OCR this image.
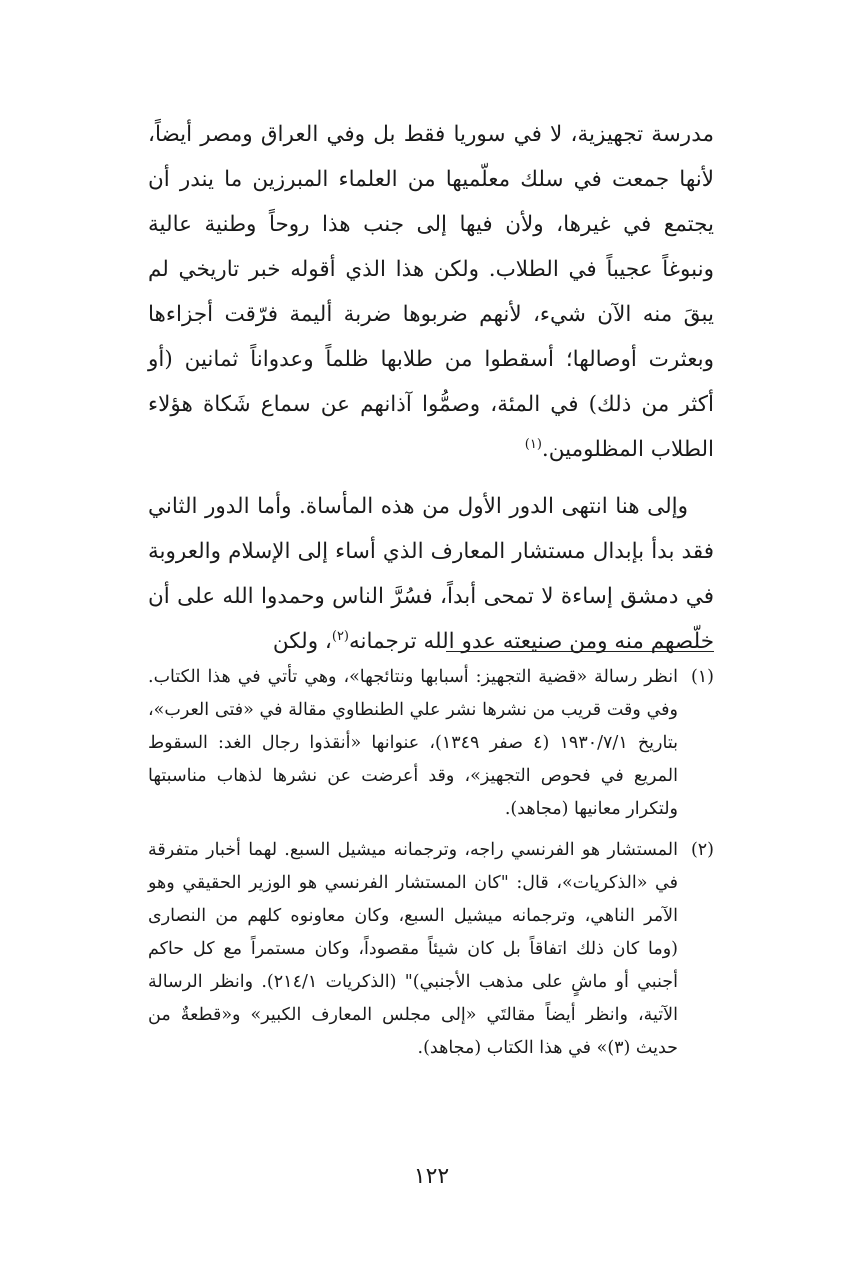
مدرسة تجهيزية، لا في سوريا فقط بل وفي العراق ومصر أيضاً، لأنها جمعت في سلك معلّميها من العلماء المبرزين ما يندر أن يجتمع في غيرها، ولأن فيها إلى جنب هذا روحاً وطنية عالية ونبوغاً عجيباً في الطلاب. ولكن هذا الذي أقوله خبر تاريخي لم يبقَ منه الآن شيء، لأنهم ضربوها ضربة أليمة فرّقت أجزاءها وبعثرت أوصالها؛ أسقطوا من طلابها ظلماً وعدواناً ثمانين (أو أكثر من ذلك) في المئة، وصمُّوا آذانهم عن سماع شَكاة هؤلاء الطلاب المظلومين.$^{(١)}$

وإلى هنا انتهى الدور الأول من هذه المأساة. وأما الدور الثاني فقد بدأ بإبدال مستشار المعارف الذي أساء إلى الإسلام والعروبة في دمشق إساءة لا تمحى أبداً، فسُرَّ الناس وحمدوا الله على أن خلّصهم منه ومن صنيعته عدو الله ترجمانه$^{(٢)}$، ولكن

(١)
انظر رسالة «قضية التجهيز: أسبابها ونتائجها»، وهي تأتي في هذا الكتاب. وفي وقت قريب من نشرها نشر علي الطنطاوي مقالة في «فتى العرب»، بتاريخ ١٩٣٠/٧/١ (٤ صفر ١٣٤٩)، عنوانها «أنقذوا رجال الغد: السقوط المريع في فحوص التجهيز»، وقد أعرضت عن نشرها لذهاب مناسبتها ولتكرار معانيها (مجاهد).

(٢)
المستشار هو الفرنسي راجه، وترجمانه ميشيل السبع. لهما أخبار متفرقة في «الذكريات»، قال: "كان المستشار الفرنسي هو الوزير الحقيقي وهو الآمر الناهي، وترجمانه ميشيل السبع، وكان معاونوه كلهم من النصارى (وما كان ذلك اتفاقاً بل كان شيئاً مقصوداً، وكان مستمراً مع كل حاكم أجنبي أو ماشٍ على مذهب الأجنبي)" (الذكريات ٢١٤/١). وانظر الرسالة الآتية، وانظر أيضاً مقالتَي «إلى مجلس المعارف الكبير» و«قطعةٌ من حديث (٣)» في هذا الكتاب (مجاهد).

١٢٢
